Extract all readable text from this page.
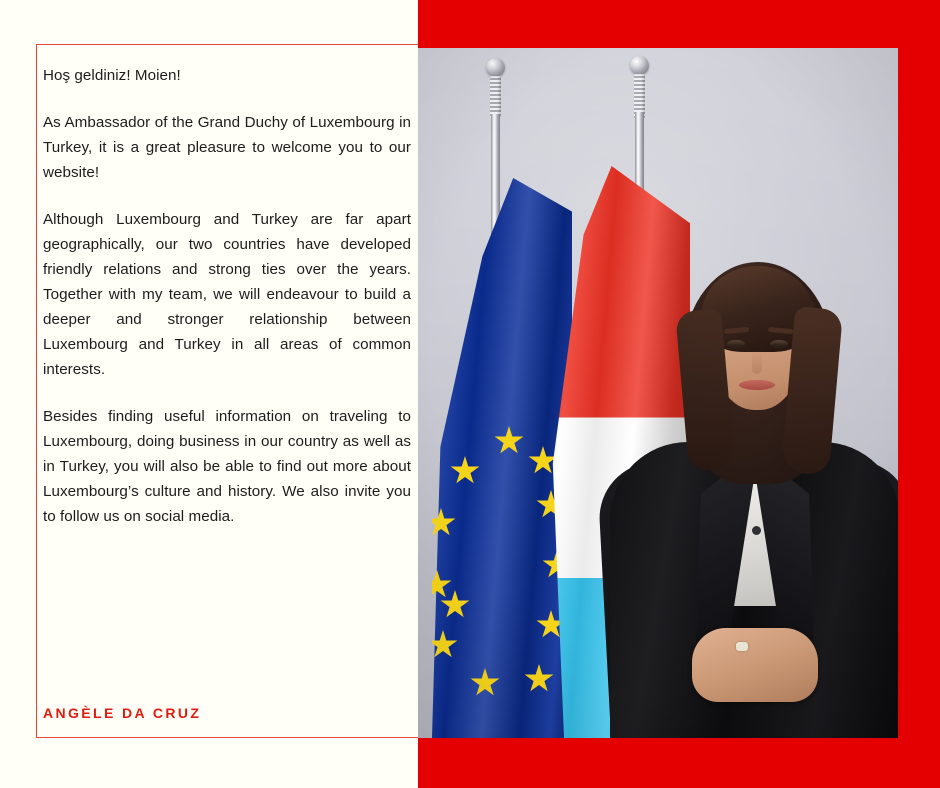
Hoş geldiniz! Moien!

As Ambassador of the Grand Duchy of Luxembourg in Turkey, it is a great pleasure to welcome you to our website!

Although Luxembourg and Turkey are far apart geographically, our two countries have developed friendly relations and strong ties over the years. Together with my team, we will endeavour to build a deeper and stronger relationship between Luxembourg and Turkey in all areas of common interests.

Besides finding useful information on traveling to Luxembourg, doing business in our country as well as in Turkey, you will also be able to find out more about Luxembourg’s culture and history. We also invite you to follow us on social media.

ANGÈLE DA CRUZ
